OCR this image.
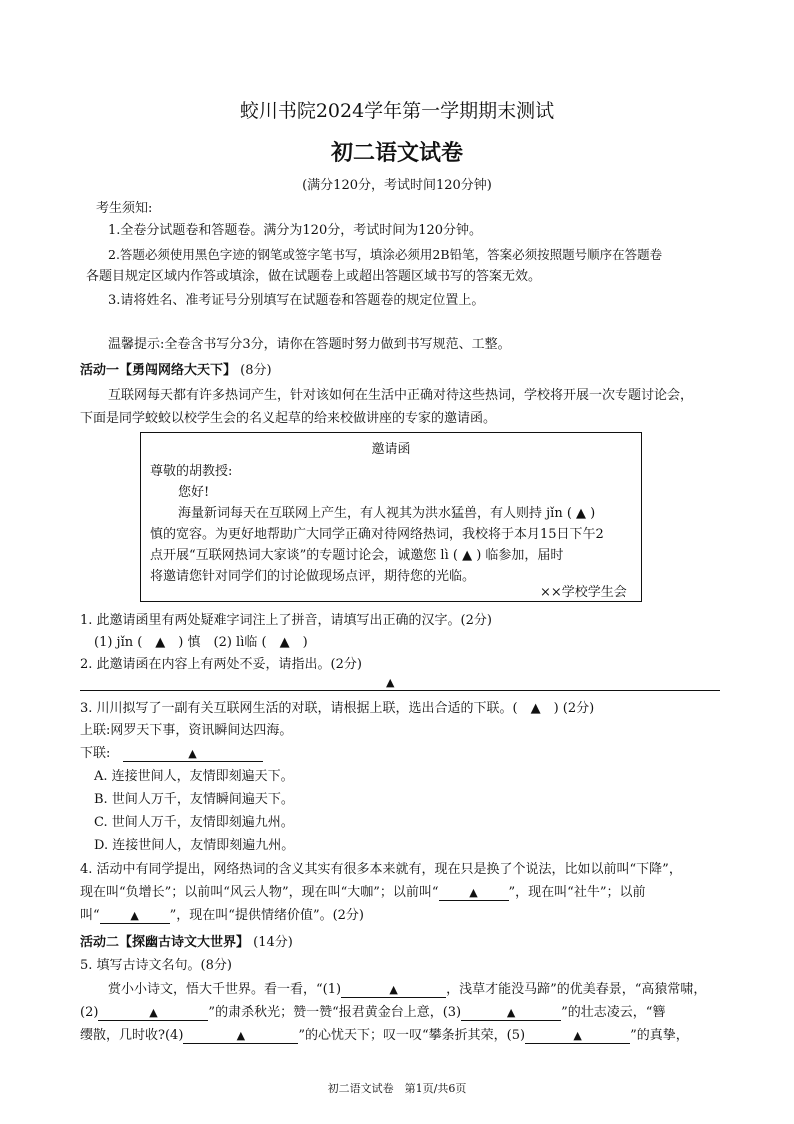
蛟川书院2024学年第一学期期末测试
初二语文试卷
(满分120分，考试时间120分钟)
考生须知:
1.全卷分试题卷和答题卷。满分为120分，考试时间为120分钟。
2.答题必须使用黑色字迹的钢笔或签字笔书写，填涂必须用2B铅笔，答案必须按照题号顺序在答题卷
各题目规定区域内作答或填涂，做在试题卷上或超出答题区域书写的答案无效。
3.请将姓名、准考证号分别填写在试题卷和答题卷的规定位置上。
温馨提示:全卷含书写分3分，请你在答题时努力做到书写规范、工整。
活动一【勇闯网络大天下】 (8分)
互联网每天都有许多热词产生，针对该如何在生活中正确对待这些热词，学校将开展一次专题讨论会，
下面是同学蛟蛟以校学生会的名义起草的给来校做讲座的专家的邀请函。
邀请函
尊敬的胡教授:
您好!
海量新词每天在互联网上产生，有人视其为洪水猛兽，有人则持 jǐn ( ▲ )
慎的宽容。为更好地帮助广大同学正确对待网络热词，我校将于本月15日下午2
点开展“互联网热词大家谈”的专题讨论会，诚邀您 lì ( ▲ ) 临参加，届时
将邀请您针对同学们的讨论做现场点评，期待您的光临。
××学校学生会
1. 此邀请函里有两处疑难字词注上了拼音，请填写出正确的汉字。(2分)
(1) jǐn (　▲　) 慎　(2) lì临 (　▲　)
2. 此邀请函在内容上有两处不妥，请指出。(2分)
▲
3. 川川拟写了一副有关互联网生活的对联，请根据上联，选出合适的下联。(　▲　) (2分)
上联:网罗天下事，资讯瞬间达四海。
下联:	▲
A. 连接世间人，友情即刻遍天下。
B. 世间人万千，友情瞬间遍天下。
C. 世间人万千，友情即刻遍九州。
D. 连接世间人，友情即刻遍九州。
4. 活动中有同学提出，网络热词的含义其实有很多本来就有，现在只是换了个说法，比如以前叫“下降”，
现在叫“负增长”；以前叫“风云人物”，现在叫“大咖”；以前叫“	▲ ”，现在叫“社牛”；以前
叫“	▲ ”，现在叫“提供情绪价值”。(2分)
活动二【探幽古诗文大世界】 (14分)
5. 填写古诗文名句。(8分)
赏小小诗文，悟大千世界。看一看，“(1)	▲	，浅草才能没马蹄”的优美春景，“高猿常啸，
(2)	▲	”的肃杀秋光；赞一赞“报君黄金台上意，(3)	▲	”的壮志凌云，“簪
缨散，几时收?(4)	▲	”的心忧天下；叹一叹“攀条折其荣，(5)	▲	”的真挚，
初二语文试卷　第1页/共6页
